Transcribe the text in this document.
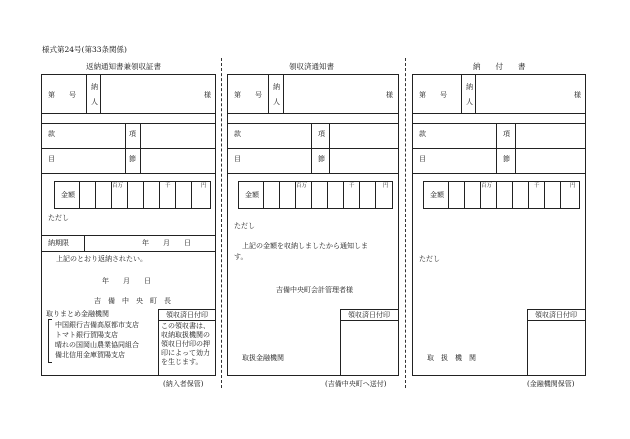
様式第24号(第33条関係)
返納通知書兼領収証書
第　　号
納
人
様
款	項
目	節
金額
百万	千	円
ただし
納期限	年　　月　　日
上記のとおり返納されたい。
年　　月　　日
吉　備　中　央　町　長
取りまとめ金融機関
中国銀行吉備高原都市支店
トマト銀行賀陽支店
晴れの国岡山農業協同組合
備北信用金庫賀陽支店
領収済日付印
この領収書は、
収納取扱機関の
領収日付印の押
印によって効力
を生じます。
(納入者保管)
領収済通知書
第　　号
納
人
様
款	項
目	節
金額
百万	千	円
ただし
上記の金額を収納しましたから通知しま
す。
吉備中央町会計管理者様
領収済日付印
取扱金融機関
(吉備中央町へ送付)
納　　付　　書
第　　号
納
人
様
款	項
目	節
金額
百万	千	円
ただし
領収済日付印
取　扱　機　関
(金融機関保管)
